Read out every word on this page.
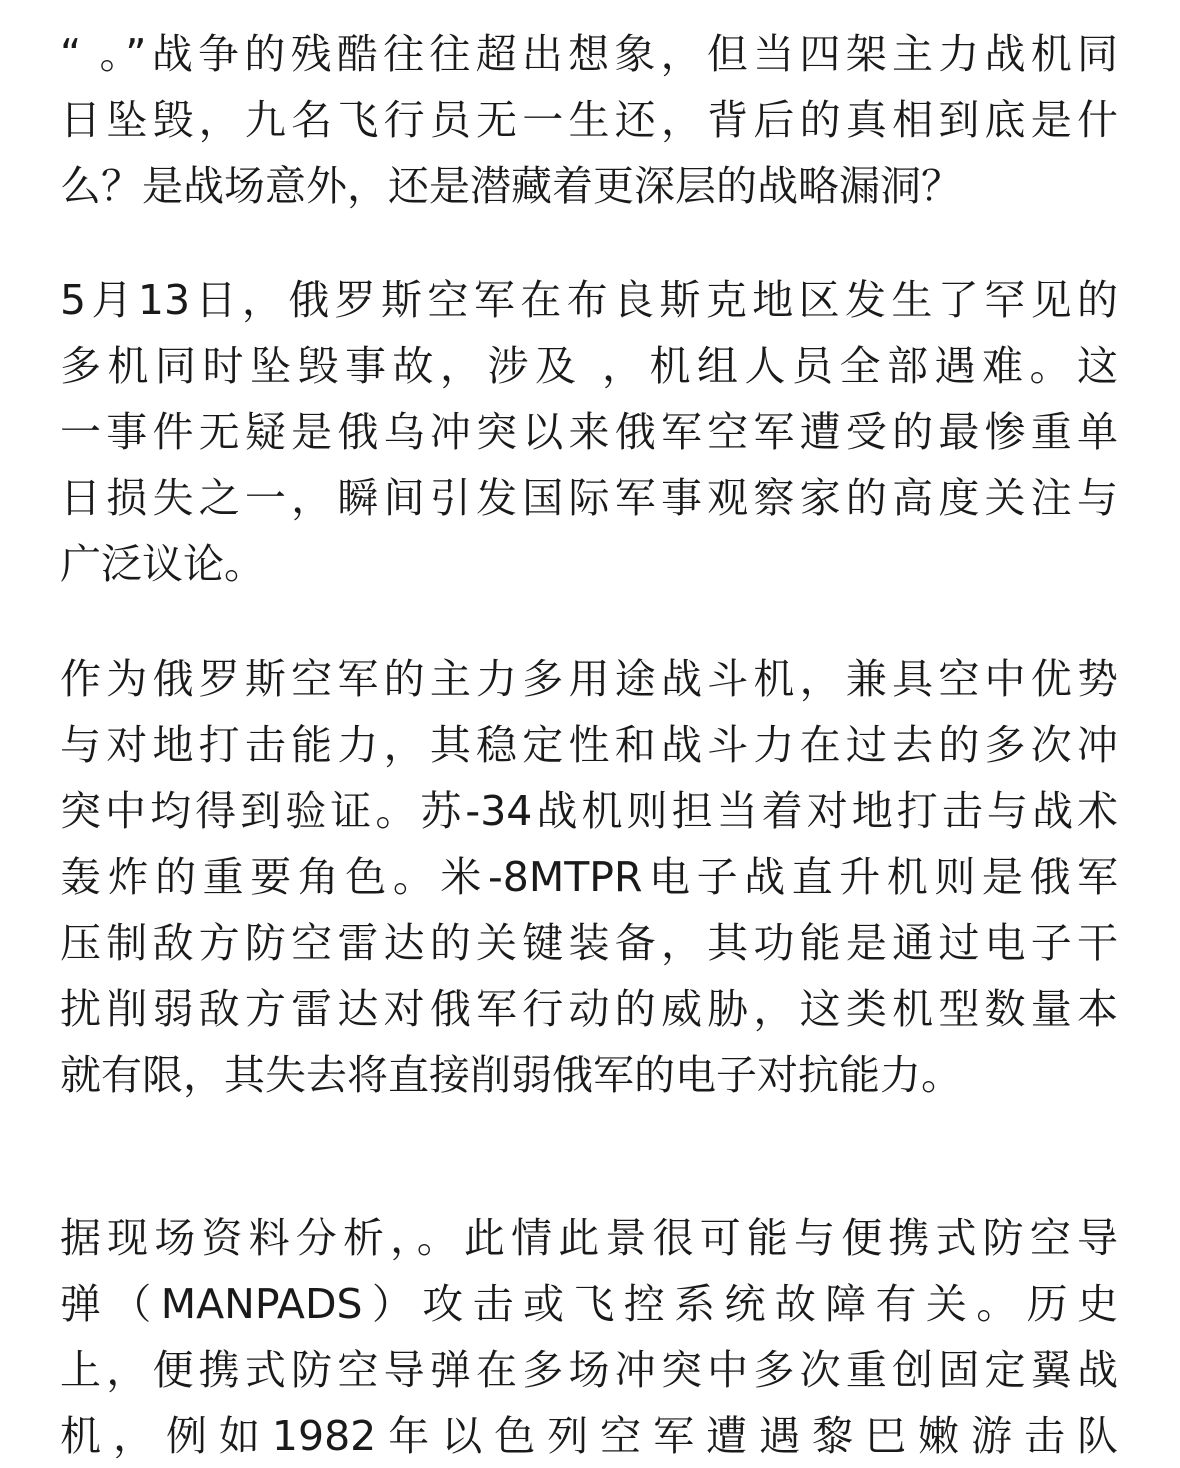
“ 。”战争的残酷往往超出想象，但当四架主力战机同
日坠毁，九名飞行员无一生还，背后的真相到底是什
么？是战场意外，还是潜藏着更深层的战略漏洞？
5月13日，俄罗斯空军在布良斯克地区发生了罕见的
多机同时坠毁事故，涉及 ，机组人员全部遇难。这
一事件无疑是俄乌冲突以来俄军空军遭受的最惨重单
日损失之一，瞬间引发国际军事观察家的高度关注与
广泛议论。
作为俄罗斯空军的主力多用途战斗机，兼具空中优势
与对地打击能力，其稳定性和战斗力在过去的多次冲
突中均得到验证。苏-34战机则担当着对地打击与战术
轰炸的重要角色。米-8MTPR电子战直升机则是俄军
压制敌方防空雷达的关键装备，其功能是通过电子干
扰削弱敌方雷达对俄军行动的威胁，这类机型数量本
就有限，其失去将直接削弱俄军的电子对抗能力。
据现场资料分析，。此情此景很可能与便携式防空导
弹（MANPADS）攻击或飞控系统故障有关。历史
上，便携式防空导弹在多场冲突中多次重创固定翼战
机，例如1982年以色列空军遭遇黎巴嫩游击队
